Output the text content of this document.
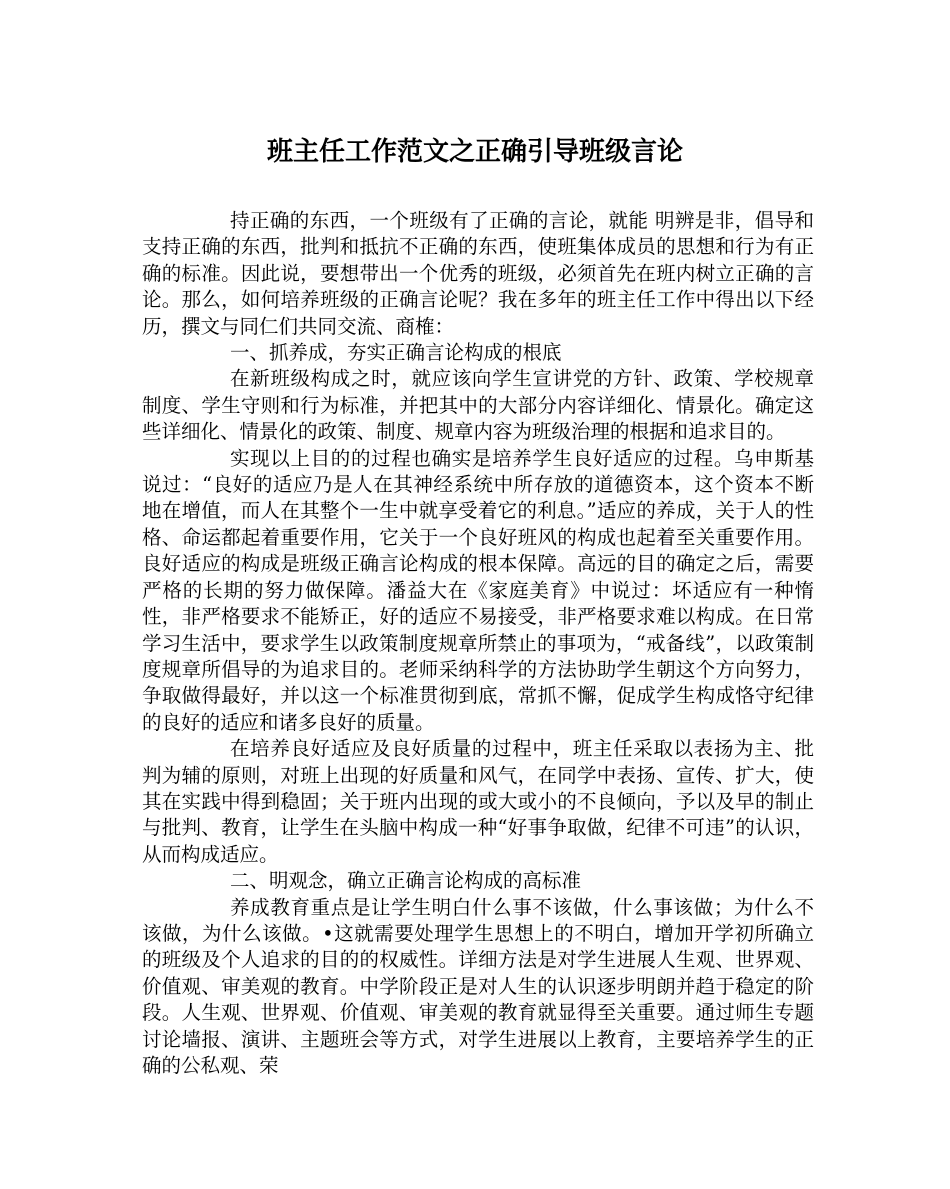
班主任工作范文之正确引导班级言论

持正确的东西，一个班级有了正确的言论，就能 明辨是非，倡导和支持正确的东西，批判和抵抗不正确的东西，使班集体成员的思想和行为有正确的标准。因此说，要想带出一个优秀的班级，必须首先在班内树立正确的言论。那么，如何培养班级的正确言论呢？我在多年的班主任工作中得出以下经历，撰文与同仁们共同交流、商榷：

一、抓养成，夯实正确言论构成的根底

在新班级构成之时，就应该向学生宣讲党的方针、政策、学校规章制度、学生守则和行为标准，并把其中的大部分内容详细化、情景化。确定这些详细化、情景化的政策、制度、规章内容为班级治理的根据和追求目的。

实现以上目的的过程也确实是培养学生良好适应的过程。乌申斯基说过：“良好的适应乃是人在其神经系统中所存放的道德资本，这个资本不断地在增值，而人在其整个一生中就享受着它的利息。”适应的养成，关于人的性格、命运都起着重要作用，它关于一个良好班风的构成也起着至关重要作用。良好适应的构成是班级正确言论构成的根本保障。高远的目的确定之后，需要严格的长期的努力做保障。潘益大在《家庭美育》中说过：坏适应有一种惰性，非严格要求不能矫正，好的适应不易接受，非严格要求难以构成。在日常学习生活中，要求学生以政策制度规章所禁止的事项为，“戒备线”，以政策制度规章所倡导的为追求目的。老师采纳科学的方法协助学生朝这个方向努力，争取做得最好，并以这一个标准贯彻到底，常抓不懈，促成学生构成恪守纪律的良好的适应和诸多良好的质量。

在培养良好适应及良好质量的过程中，班主任采取以表扬为主、批判为辅的原则，对班上出现的好质量和风气，在同学中表扬、宣传、扩大，使其在实践中得到稳固；关于班内出现的或大或小的不良倾向，予以及早的制止与批判、教育，让学生在头脑中构成一种“好事争取做，纪律不可违”的认识，从而构成适应。

二、明观念，确立正确言论构成的高标准

养成教育重点是让学生明白什么事不该做，什么事该做；为什么不该做，为什么该做。•这就需要处理学生思想上的不明白，增加开学初所确立的班级及个人追求的目的的权威性。详细方法是对学生进展人生观、世界观、价值观、审美观的教育。中学阶段正是对人生的认识逐步明朗并趋于稳定的阶段。人生观、世界观、价值观、审美观的教育就显得至关重要。通过师生专题讨论墙报、演讲、主题班会等方式，对学生进展以上教育，主要培养学生的正确的公私观、荣
